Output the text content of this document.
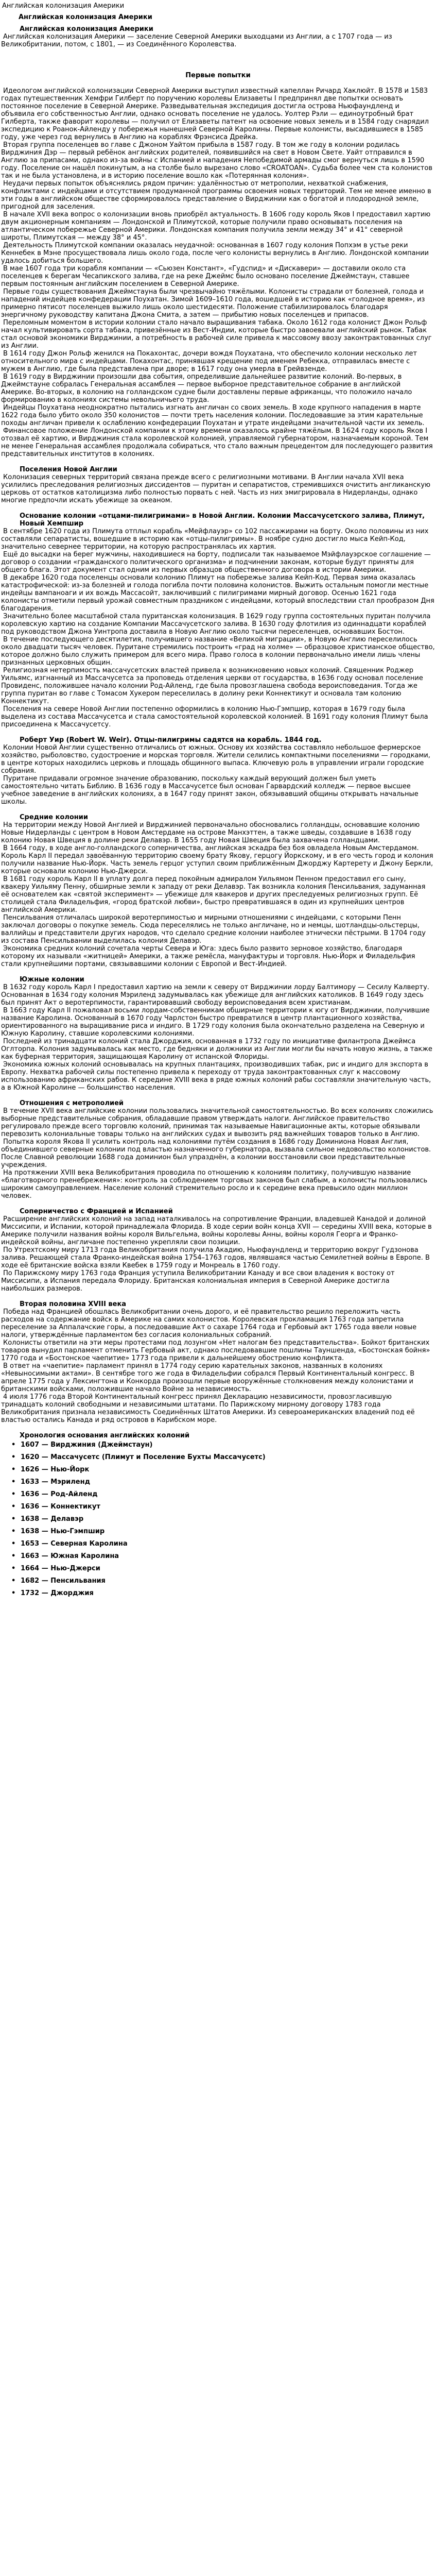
Английская колонизация Америки
Английская колонизация Америки
Английская колонизация Америки

Английская колонизация Америки — заселение Северной Америки выходцами из Англии, а с 1707 года — из Великобритании, потом, с 1801, — из Соединённого Королевства.

Первые попытки

Идеологом английской колонизации Северной Америки выступил известный капеллан Ричард Хаклюйт. В 1578 и 1583 годах путешественник Хемфри Гилберт по поручению королевы Елизаветы I предпринял две попытки основать постоянное поселение в Северной Америке. Разведывательная экспедиция достигла острова Ньюфаундленд и объявила его собственностью Англии, однако основать поселение не удалось. Уолтер Рэли — единоутробный брат Гилберта, также фаворит королевы — получил от Елизаветы патент на освоение новых земель и в 1584 году снарядил экспедицию к Роанок-Айленду у побережья нынешней Северной Каролины. Первые колонисты, высадившиеся в 1585 году, уже через год вернулись в Англию на кораблях Фрэнсиса Дрейка.

Вторая группа поселенцев во главе с Джоном Уайтом прибыла в 1587 году. В том же году в колонии родилась Вирджиния Дэр — первый ребёнок английских родителей, появившийся на свет в Новом Свете. Уайт отправился в Англию за припасами, однако из-за войны с Испанией и нападения Непобедимой армады смог вернуться лишь в 1590 году. Поселение он нашёл покинутым, а на столбе было вырезано слово «CROATOAN». Судьба более чем ста колонистов так и не была установлена, и в историю поселение вошло как «Потерянная колония».

Неудачи первых попыток объяснялись рядом причин: удалённостью от метрополии, нехваткой снабжения, конфликтами с индейцами и отсутствием продуманной программы освоения новых территорий. Тем не менее именно в эти годы в английском обществе сформировалось представление о Вирджинии как о богатой и плодородной земле, пригодной для заселения.

В начале XVII века вопрос о колонизации вновь приобрёл актуальность. В 1606 году король Яков I предоставил хартию двум акционерным компаниям — Лондонской и Плимутской, которые получили право основывать поселения на атлантическом побережье Северной Америки. Лондонская компания получила земли между 34° и 41° северной широты, Плимутская — между 38° и 45°.

Деятельность Плимутской компании оказалась неудачной: основанная в 1607 году колония Попхэм в устье реки Кеннебек в Мэне просуществовала лишь около года, после чего колонисты вернулись в Англию. Лондонской компании удалось добиться большего.

В мае 1607 года три корабля компании — «Сьюзен Констант», «Гудспид» и «Дискавери» — доставили около ста поселенцев к берегам Чесапикского залива, где на реке Джеймс было основано поселение Джеймстаун, ставшее первым постоянным английским поселением в Северной Америке.

Первые годы существования Джеймстауна были чрезвычайно тяжёлыми. Колонисты страдали от болезней, голода и нападений индейцев конфедерации Поухатан. Зимой 1609–1610 года, вошедшей в историю как «голодное время», из примерно пятисот поселенцев выжило лишь около шестидесяти. Положение стабилизировалось благодаря энергичному руководству капитана Джона Смита, а затем — прибытию новых поселенцев и припасов.

Переломным моментом в истории колонии стало начало выращивания табака. Около 1612 года колонист Джон Рольф начал культивировать сорта табака, привезённые из Вест-Индии, которые быстро завоевали английский рынок. Табак стал основой экономики Вирджинии, а потребность в рабочей силе привела к массовому ввозу законтрактованных слуг из Англии.

В 1614 году Джон Рольф женился на Покахонтас, дочери вождя Поухатана, что обеспечило колонии несколько лет относительного мира с индейцами. Покахонтас, принявшая крещение под именем Ребекка, отправилась вместе с мужем в Англию, где была представлена при дворе; в 1617 году она умерла в Грейвзенде.

В 1619 году в Вирджинии произошли два события, определившие дальнейшее развитие колоний. Во-первых, в Джеймстауне собралась Генеральная ассамблея — первое выборное представительное собрание в английской Америке. Во-вторых, в колонию на голландском судне были доставлены первые африканцы, что положило начало формированию в колониях системы невольничьего труда.

Индейцы Поухатана неоднократно пытались изгнать англичан со своих земель. В ходе крупного нападения в марте 1622 года было убито около 350 колонистов — почти треть населения колонии. Последовавшие за этим карательные походы англичан привели к ослаблению конфедерации Поухатан и утрате индейцами значительной части их земель.

Финансовое положение Лондонской компании к этому времени оказалось крайне тяжёлым. В 1624 году король Яков I отозвал её хартию, и Вирджиния стала королевской колонией, управляемой губернатором, назначаемым короной. Тем не менее Генеральная ассамблея продолжала собираться, что стало важным прецедентом для последующего развития представительных институтов в колониях.

Поселения Новой Англии

Колонизация северных территорий связана прежде всего с религиозными мотивами. В Англии начала XVII века усилились преследования религиозных диссидентов — пуритан и сепаратистов, стремившихся очистить англиканскую церковь от остатков католицизма либо полностью порвать с ней. Часть из них эмигрировала в Нидерланды, однако многие предпочли искать убежище за океаном.

Основание колонии «отцами-пилигримами» в Новой Англии. Колонии Массачусетского залива, Плимут, Новый Хемпшир

В сентябре 1620 года из Плимута отплыл корабль «Мейфлауэр» со 102 пассажирами на борту. Около половины из них составляли сепаратисты, вошедшие в историю как «отцы-пилигримы». В ноябре судно достигло мыса Кейп-Код, значительно севернее территории, на которую распространялась их хартия.

Ещё до высадки на берег мужчины, находившиеся на борту, подписали так называемое Мэйфлауэрское соглашение — договор о создании «гражданского политического организма» и подчинении законам, которые будут приняты для общего блага. Этот документ стал одним из первых образцов общественного договора в истории Америки.

В декабре 1620 года поселенцы основали колонию Плимут на побережье залива Кейп-Код. Первая зима оказалась катастрофической: из-за болезней и голода погибла почти половина колонистов. Выжить остальным помогли местные индейцы вампаноаги и их вождь Массасойт, заключивший с пилигримами мирный договор. Осенью 1621 года колонисты отметили первый урожай совместным праздником с индейцами, который впоследствии стал прообразом Дня благодарения.

Значительно более масштабной стала пуританская колонизация. В 1629 году группа состоятельных пуритан получила королевскую хартию на создание Компании Массачусетского залива. В 1630 году флотилия из одиннадцати кораблей под руководством Джона Уинтропа доставила в Новую Англию около тысячи переселенцев, основавших Бостон.

В течение последующего десятилетия, получившего название «Великой миграции», в Новую Англию переселилось около двадцати тысяч человек. Пуритане стремились построить «град на холме» — образцовое христианское общество, которое должно было служить примером для всего мира. Право голоса в колонии первоначально имели лишь члены признанных церковных общин.

Религиозная нетерпимость массачусетских властей привела к возникновению новых колоний. Священник Роджер Уильямс, изгнанный из Массачусетса за проповедь отделения церкви от государства, в 1636 году основал поселение Провиденс, положившее начало колонии Род-Айленд, где была провозглашена свобода вероисповедания. Тогда же группа пуритан во главе с Томасом Хукером переселилась в долину реки Коннектикут и основала там колонию Коннектикут.

Поселения на севере Новой Англии постепенно оформились в колонию Нью-Гэмпшир, которая в 1679 году была выделена из состава Массачусетса и стала самостоятельной королевской колонией. В 1691 году колония Плимут была присоединена к Массачусетсу.

Роберт Уир (Robert W. Weir). Отцы-пилигримы садятся на корабль. 1844 год.

Колонии Новой Англии существенно отличались от южных. Основу их хозяйства составляло небольшое фермерское хозяйство, рыболовство, судостроение и морская торговля. Жители селились компактными поселениями — городками, в центре которых находились церковь и площадь общинного выпаса. Ключевую роль в управлении играли городские собрания.

Пуритане придавали огромное значение образованию, поскольку каждый верующий должен был уметь самостоятельно читать Библию. В 1636 году в Массачусетсе был основан Гарвардский колледж — первое высшее учебное заведение в английских колониях, а в 1647 году принят закон, обязывавший общины открывать начальные школы.

Средние колонии

На территории между Новой Англией и Вирджинией первоначально обосновались голландцы, основавшие колонию Новые Нидерланды с центром в Новом Амстердаме на острове Манхэттен, а также шведы, создавшие в 1638 году колонию Новая Швеция в долине реки Делавэр. В 1655 году Новая Швеция была захвачена голландцами.

В 1664 году, в ходе англо-голландского соперничества, английская эскадра без боя овладела Новым Амстердамом. Король Карл II передал завоёванную территорию своему брату Якову, герцогу Йоркскому, и в его честь город и колония получили название Нью-Йорк. Часть земель герцог уступил своим приближённым Джорджу Картерету и Джону Беркли, которые основали колонию Нью-Джерси.

В 1681 году король Карл II в уплату долга перед покойным адмиралом Уильямом Пенном предоставил его сыну, квакеру Уильяму Пенну, обширные земли к западу от реки Делавэр. Так возникла колония Пенсильвания, задуманная её основателем как «святой эксперимент» — убежище для квакеров и других преследуемых религиозных групп. Её столицей стала Филадельфия, «город братской любви», быстро превратившаяся в один из крупнейших центров английской Америки.

Пенсильвания отличалась широкой веротерпимостью и мирными отношениями с индейцами, с которыми Пенн заключал договоры о покупке земель. Сюда переселялись не только англичане, но и немцы, шотландцы-ольстерцы, валлийцы и представители других народов, что сделало средние колонии наиболее этнически пёстрыми. В 1704 году из состава Пенсильвании выделилась колония Делавэр.

Экономика средних колоний сочетала черты Севера и Юга: здесь было развито зерновое хозяйство, благодаря которому их называли «житницей» Америки, а также ремёсла, мануфактуры и торговля. Нью-Йорк и Филадельфия стали крупнейшими портами, связывавшими колонии с Европой и Вест-Индией.

Южные колонии

В 1632 году король Карл I предоставил хартию на земли к северу от Вирджинии лорду Балтимору — Сесилу Калверту. Основанная в 1634 году колония Мэриленд задумывалась как убежище для английских католиков. В 1649 году здесь был принят Акт о веротерпимости, гарантировавший свободу вероисповедания всем христианам.

В 1663 году Карл II пожаловал восьми лордам-собственникам обширные территории к югу от Вирджинии, получившие название Каролина. Основанный в 1670 году Чарлстон быстро превратился в центр плантационного хозяйства, ориентированного на выращивание риса и индиго. В 1729 году колония была окончательно разделена на Северную и Южную Каролину, ставшие королевскими колониями.

Последней из тринадцати колоний стала Джорджия, основанная в 1732 году по инициативе филантропа Джеймса Оглторпа. Колония задумывалась как место, где бедняки и должники из Англии могли бы начать новую жизнь, а также как буферная территория, защищающая Каролину от испанской Флориды.

Экономика южных колоний основывалась на крупных плантациях, производивших табак, рис и индиго для экспорта в Европу. Нехватка рабочей силы постепенно привела к переходу от труда законтрактованных слуг к массовому использованию африканских рабов. К середине XVIII века в ряде южных колоний рабы составляли значительную часть, а в Южной Каролине — большинство населения.

Отношения с метрополией

В течение XVII века английские колонии пользовались значительной самостоятельностью. Во всех колониях сложились выборные представительные собрания, обладавшие правом утверждать налоги. Английское правительство регулировало прежде всего торговлю колоний, принимая так называемые Навигационные акты, которые обязывали перевозить колониальные товары только на английских судах и вывозить ряд важнейших товаров только в Англию.

Попытка короля Якова II усилить контроль над колониями путём создания в 1686 году Доминиона Новая Англия, объединившего северные колонии под властью назначенного губернатора, вызвала сильное недовольство колонистов. После Славной революции 1688 года доминион был упразднён, а колонии восстановили свои представительные учреждения.

На протяжении XVIII века Великобритания проводила по отношению к колониям политику, получившую название «благотворного пренебрежения»: контроль за соблюдением торговых законов был слабым, а колонисты пользовались широким самоуправлением. Население колоний стремительно росло и к середине века превысило один миллион человек.

Соперничество с Францией и Испанией

Расширение английских колоний на запад наталкивалось на сопротивление Франции, владевшей Канадой и долиной Миссисипи, и Испании, которой принадлежала Флорида. В ходе серии войн конца XVII — середины XVIII века, которые в Америке получили названия войны короля Вильгельма, войны королевы Анны, войны короля Георга и Франко-индейской войны, англичане постепенно укрепляли свои позиции.

По Утрехтскому миру 1713 года Великобритания получила Акадию, Ньюфаундленд и территорию вокруг Гудзонова залива. Решающей стала Франко-индейская война 1754–1763 годов, являвшаяся частью Семилетней войны в Европе. В ходе её британские войска взяли Квебек в 1759 году и Монреаль в 1760 году.

По Парижскому миру 1763 года Франция уступила Великобритании Канаду и все свои владения к востоку от Миссисипи, а Испания передала Флориду. Британская колониальная империя в Северной Америке достигла наибольших размеров.

Вторая половина XVIII века

Победа над Францией обошлась Великобритании очень дорого, и её правительство решило переложить часть расходов на содержание войск в Америке на самих колонистов. Королевская прокламация 1763 года запретила переселение за Аппалачские горы, а последовавшие Акт о сахаре 1764 года и Гербовый акт 1765 года ввели новые налоги, утверждённые парламентом без согласия колониальных собраний.

Колонисты ответили на эти меры протестами под лозунгом «Нет налогам без представительства». Бойкот британских товаров вынудил парламент отменить Гербовый акт, однако последовавшие пошлины Тауншенда, «Бостонская бойня» 1770 года и «Бостонское чаепитие» 1773 года привели к дальнейшему обострению конфликта.

В ответ на «чаепитие» парламент принял в 1774 году серию карательных законов, названных в колониях «Невыносимыми актами». В сентябре того же года в Филадельфии собрался Первый Континентальный конгресс. В апреле 1775 года у Лексингтона и Конкорда произошли первые вооружённые столкновения между колонистами и британскими войсками, положившие начало Войне за независимость.

4 июля 1776 года Второй Континентальный конгресс принял Декларацию независимости, провозгласившую тринадцать колоний свободными и независимыми штатами. По Парижскому мирному договору 1783 года Великобритания признала независимость Соединённых Штатов Америки. Из североамериканских владений под её властью остались Канада и ряд островов в Карибском море.

Хронология основания английских колоний
• 1607 — Вирджиния (Джеймстаун)
• 1620 — Массачусетс (Плимут и Поселение Бухты Массачусетс)
• 1626 — Нью-Йорк
• 1633 — Мэриленд
• 1636 — Род-Айленд
• 1636 — Коннектикут
• 1638 — Делавэр
• 1638 — Нью-Гэмпшир
• 1653 — Северная Каролина
• 1663 — Южная Каролина
• 1664 — Нью-Джерси
• 1682 — Пенсильвания
• 1732 — Джорджия
